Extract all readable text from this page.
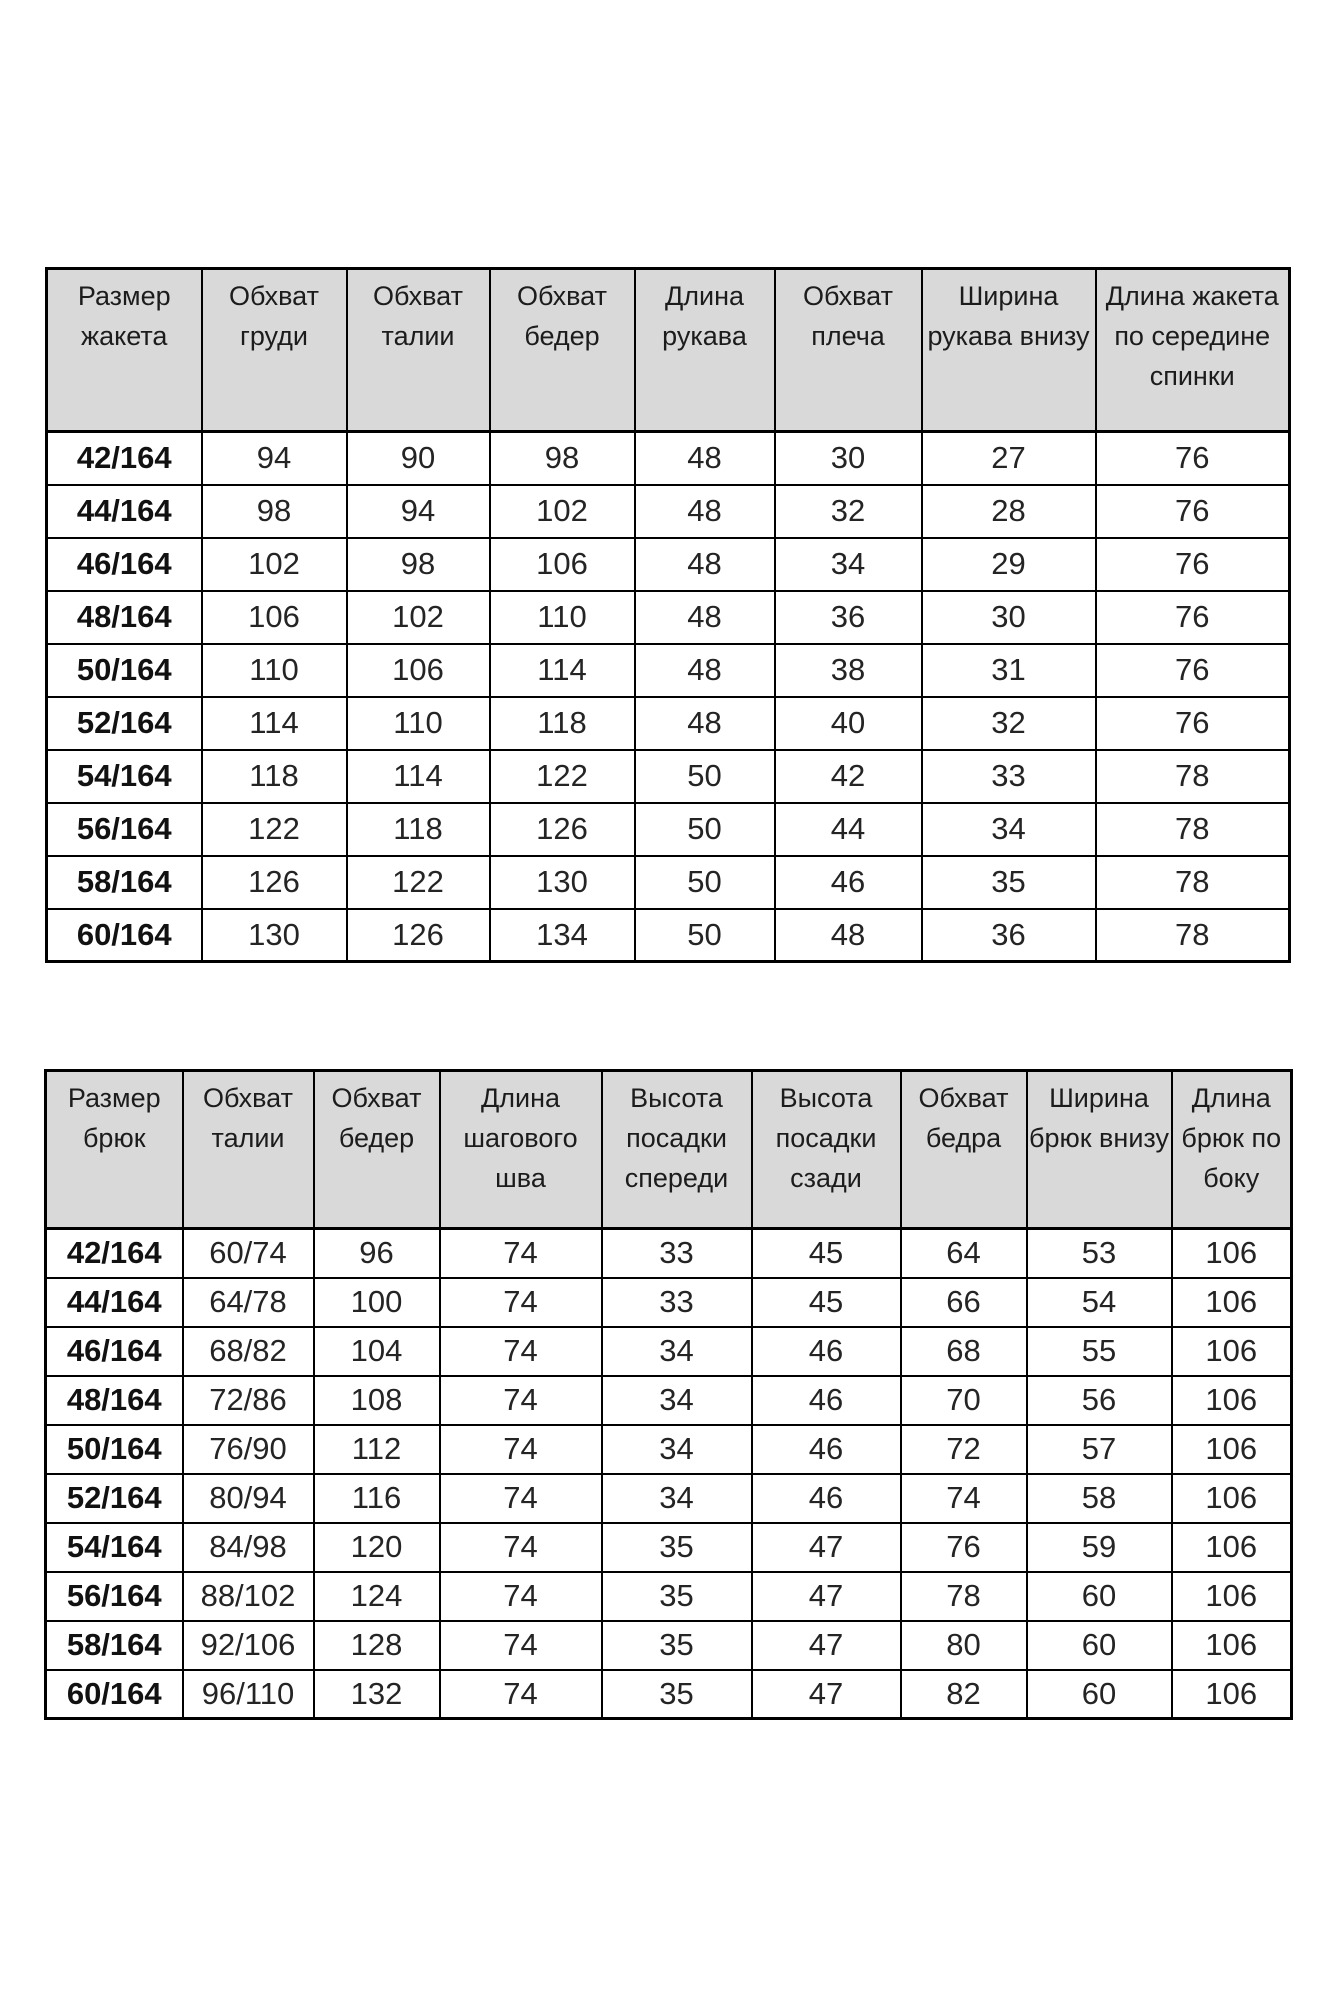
Размер жакета	Обхват груди	Обхват талии	Обхват бедер	Длина рукава	Обхват плеча	Ширина рукава внизу	Длина жакета по середине спинки
42/164	94	90	98	48	30	27	76
44/164	98	94	102	48	32	28	76
46/164	102	98	106	48	34	29	76
48/164	106	102	110	48	36	30	76
50/164	110	106	114	48	38	31	76
52/164	114	110	118	48	40	32	76
54/164	118	114	122	50	42	33	78
56/164	122	118	126	50	44	34	78
58/164	126	122	130	50	46	35	78
60/164	130	126	134	50	48	36	78
Размер брюк	Обхват талии	Обхват бедер	Длина шагового шва	Высота посадки спереди	Высота посадки сзади	Обхват бедра	Ширина брюк внизу	Длина брюк по боку
42/164	60/74	96	74	33	45	64	53	106
44/164	64/78	100	74	33	45	66	54	106
46/164	68/82	104	74	34	46	68	55	106
48/164	72/86	108	74	34	46	70	56	106
50/164	76/90	112	74	34	46	72	57	106
52/164	80/94	116	74	34	46	74	58	106
54/164	84/98	120	74	35	47	76	59	106
56/164	88/102	124	74	35	47	78	60	106
58/164	92/106	128	74	35	47	80	60	106
60/164	96/110	132	74	35	47	82	60	106
